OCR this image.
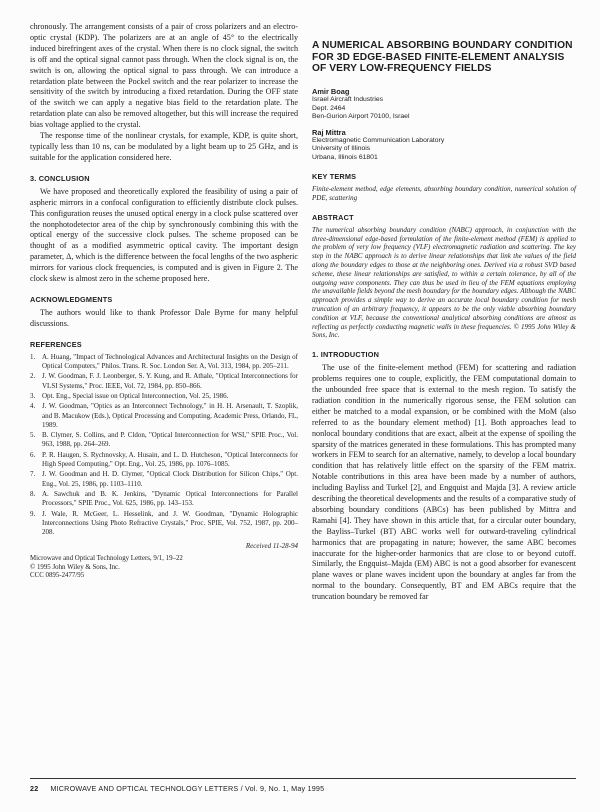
chronously. The arrangement consists of a pair of cross polarizers and an electro-optic crystal (KDP). The polarizers are at an angle of 45° to the electrically induced birefringent axes of the crystal. When there is no clock signal, the switch is off and the optical signal cannot pass through. When the clock signal is on, the switch is on, allowing the optical signal to pass through. We can introduce a retardation plate between the Pockel switch and the rear polarizer to increase the sensitivity of the switch by introducing a fixed retardation. During the OFF state of the switch we can apply a negative bias field to the retardation plate. The retardation plate can also be removed altogether, but this will increase the required bias voltage applied to the crystal.

The response time of the nonlinear crystals, for example, KDP, is quite short, typically less than 10 ns, can be modulated by a light beam up to 25 GHz, and is suitable for the application considered here.

3. CONCLUSION

We have proposed and theoretically explored the feasibility of using a pair of aspheric mirrors in a confocal configuration to efficiently distribute clock pulses. This configuration reuses the unused optical energy in a clock pulse scattered over the nonphotodetector area of the chip by synchronously combining this with the optical energy of the successive clock pulses. The scheme proposed can be thought of as a modified asymmetric optical cavity. The important design parameter, Δ, which is the difference between the focal lengths of the two aspheric mirrors for various clock frequencies, is computed and is given in Figure 2. The clock skew is almost zero in the scheme proposed here.

ACKNOWLEDGMENTS

The authors would like to thank Professor Dale Byrne for many helpful discussions.

REFERENCES
1. A. Huang, "Impact of Technological Advances and Architectural Insights on the Design of Optical Computers," Philos. Trans. R. Soc. London Ser. A, Vol. 313, 1984, pp. 205–211.
2. J. W. Goodman, F. J. Leonberger, S. Y. Kung, and R. Athale, "Optical Interconnections for VLSI Systems," Proc. IEEE, Vol. 72, 1984, pp. 850–866.
3. Opt. Eng., Special issue on Optical Interconnection, Vol. 25, 1986.
4. J. W. Goodman, "Optics as an Interconnect Technology," in H. H. Arsenault, T. Szoplik, and B. Macukow (Eds.), Optical Processing and Computing, Academic Press, Orlando, FL, 1989.
5. B. Clymer, S. Collins, and P. Cldon, "Optical Interconnection for WSI," SPIE Proc., Vol. 963, 1988, pp. 264–269.
6. P. R. Haugen, S. Rychnovsky, A. Husain, and L. D. Hutcheson, "Optical Interconnects for High Speed Computing," Opt. Eng., Vol. 25, 1986, pp. 1076–1085.
7. J. W. Goodman and H. D. Clymer, "Optical Clock Distribution for Silicon Chips," Opt. Eng., Vol. 25, 1986, pp. 1103–1110.
8. A. Sawchuk and B. K. Jenkins, "Dynamic Optical Interconnections for Parallel Processors," SPIE Proc., Vol. 625, 1986, pp. 143–153.
9. J. Wale, R. McGeer, L. Hesselink, and J. W. Goodman, "Dynamic Holographic Interconnections Using Photo Refractive Crystals," Proc. SPIE, Vol. 752, 1987, pp. 200–208.
Received 11-28-94
Microwave and Optical Technology Letters, 9/1, 19–22
© 1995 John Wiley & Sons, Inc.
CCC 0895-2477/95
A NUMERICAL ABSORBING BOUNDARY CONDITION FOR 3D EDGE-BASED FINITE-ELEMENT ANALYSIS OF VERY LOW-FREQUENCY FIELDS
Amir Boag
Israel Aircraft Industries
Dept. 2464
Ben-Gurion Airport 70100, Israel
Raj Mittra
Electromagnetic Communication Laboratory
University of Illinois
Urbana, Illinois 61801
KEY TERMS

Finite-element method, edge elements, absorbing boundary condition, numerical solution of PDE, scattering

ABSTRACT

The numerical absorbing boundary condition (NABC) approach, in conjunction with the three-dimensional edge-based formulation of the finite-element method (FEM) is applied to the problem of very low frequency (VLF) electromagnetic radiation and scattering. The key step in the NABC approach is to derive linear relationships that link the values of the field along the boundary edges to those at the neighboring ones. Derived via a robust SVD based scheme, these linear relationships are satisfied, to within a certain tolerance, by all of the outgoing wave components. They can thus be used in lieu of the FEM equations employing the unavailable fields beyond the mesh boundary for the boundary edges. Although the NABC approach provides a simple way to derive an accurate local boundary condition for mesh truncation of an arbitrary frequency, it appears to be the only viable absorbing boundary condition at VLF, because the conventional analytical absorbing conditions are almost as reflecting as perfectly conducting magnetic walls in these frequencies. © 1995 John Wiley & Sons, Inc.

1. INTRODUCTION

The use of the finite-element method (FEM) for scattering and radiation problems requires one to couple, explicitly, the FEM computational domain to the unbounded free space that is external to the mesh region. To satisfy the radiation condition in the numerically rigorous sense, the FEM solution can either be matched to a modal expansion, or be combined with the MoM (also referred to as the boundary element method) [1]. Both approaches lead to nonlocal boundary conditions that are exact, albeit at the expense of spoiling the sparsity of the matrices generated in these formulations. This has prompted many workers in FEM to search for an alternative, namely, to develop a local boundary condition that has relatively little effect on the sparsity of the FEM matrix. Notable contributions in this area have been made by a number of authors, including Bayliss and Turkel [2], and Engquist and Majda [3]. A review article describing the theoretical developments and the results of a comparative study of absorbing boundary conditions (ABCs) has been published by Mittra and Ramahi [4]. They have shown in this article that, for a circular outer boundary, the Bayliss–Turkel (BT) ABC works well for outward-traveling cylindrical harmonics that are propagating in nature; however, the same ABC becomes inaccurate for the higher-order harmonics that are close to or beyond cutoff. Similarly, the Engquist–Majda (EM) ABC is not a good absorber for evanescent plane waves or plane waves incident upon the boundary at angles far from the normal to the boundary. Consequently, BT and EM ABCs require that the truncation boundary be removed far

22 MICROWAVE AND OPTICAL TECHNOLOGY LETTERS / Vol. 9, No. 1, May 1995
